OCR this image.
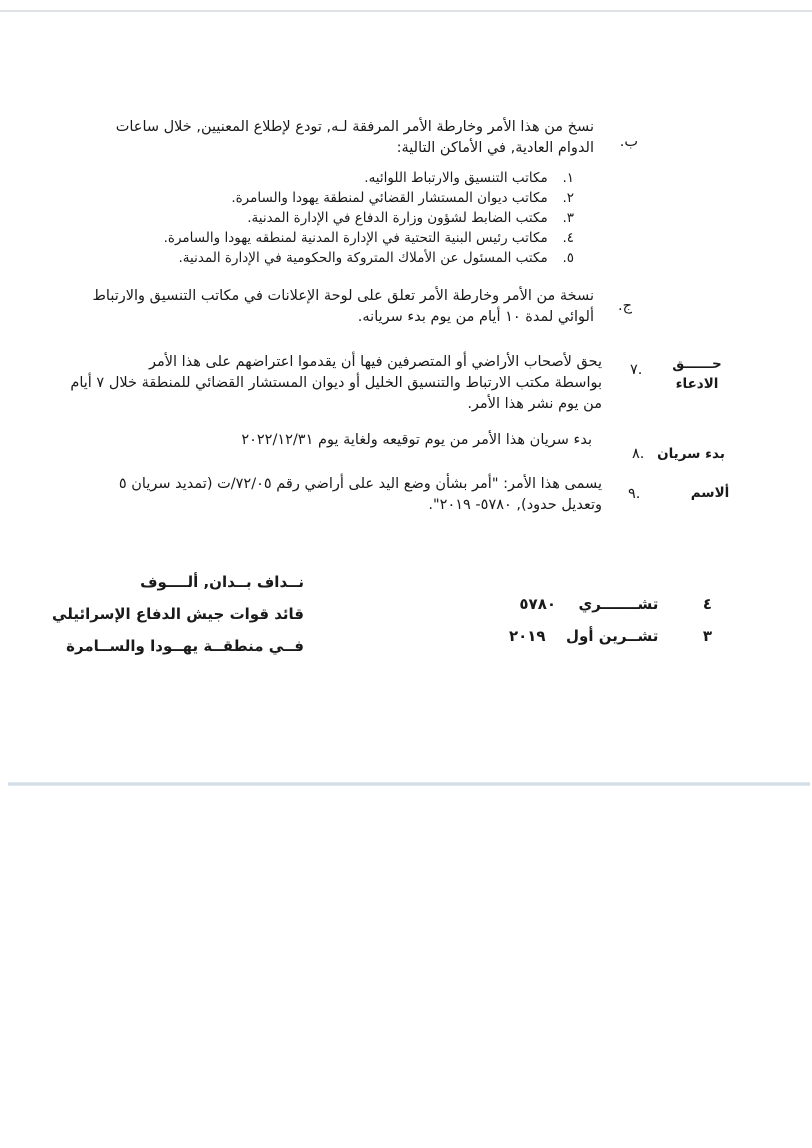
ب.
نسخ من هذا الأمر وخارطة الأمر المرفقة لـه, تودع لإطلاع المعنيين, خلال ساعات
الدوام العادية, في الأماكن التالية:
١. مكاتب التنسيق والارتباط اللوائيه.
٢. مكاتب ديوان المستشار القضائي لمنطقة يهودا والسامرة.
٣. مكتب الضابط لشؤون وزارة الدفاع في الإدارة المدنية.
٤. مكاتب رئيس البنية التحتية في الإدارة المدنية لمنطقه يهودا والسامرة.
٥. مكتب المسئول عن الأملاك المتروكة والحكومية في الإدارة المدنية.
ج.
نسخة من الأمر وخارطة الأمر تعلق على لوحة الإعلانات في مكاتب التنسيق والارتباط
ألوائي لمدة ١٠ أيام من يوم بدء سريانه.
٧.	حــــــق
الادعاء
يحق لأصحاب الأراضي أو المتصرفين فيها أن يقدموا اعتراضهم على هذا الأمر
بواسطة مكتب الارتباط والتنسيق الخليل أو ديوان المستشار القضائي للمنطقة خلال ٧ أيام
من يوم نشر هذا الأمر.
٨. بدء سريان
بدء سريان هذا الأمر من يوم توقيعه ولغاية يوم ٢٠٢٢/١٢/٣١
٩.	ألاسم
يسمى هذا الأمر: "أمر بشأن وضع اليد على أراضي رقم ٧٢/٠٥/ت (تمديد سريان ٥
وتعديل حدود), ٥٧٨٠- ٢٠١٩".
نــداف بــدان, ألــــوف
قائد قوات جيش الدفاع الإسرائيلي
فــي منطقــة يهــودا والســامرة
٤  تشـــــــري  ٥٧٨٠
٣  تشــرين أول  ٢٠١٩
